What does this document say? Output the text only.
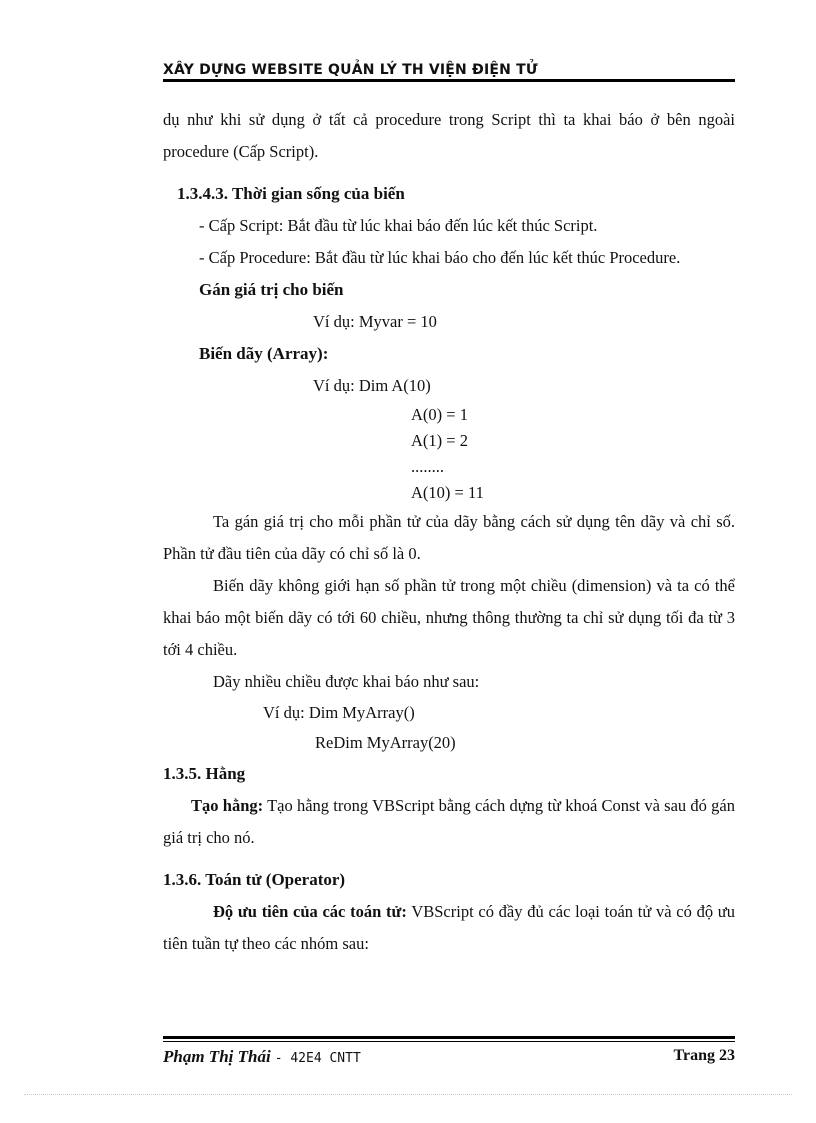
XÂY DỰNG WEBSITE QUẢN LÝ TH VIỆN ĐIỆN TỬ

dụ như khi sử dụng ở tất cả procedure trong Script thì ta khai báo ở bên ngoài procedure (Cấp Script).

1.3.4.3. Thời gian sống của biến

- Cấp Script: Bắt đầu từ lúc khai báo đến lúc kết thúc Script.

- Cấp Procedure: Bắt đầu từ lúc khai báo cho đến lúc kết thúc Procedure.

Gán giá trị cho biến

Ví dụ: Myvar = 10

Biến dãy (Array):

Ví dụ: Dim A(10)

A(0) = 1

A(1) = 2

........

A(10) = 11

Ta gán giá trị cho mỗi phần tử của dãy bằng cách sử dụng tên dãy và chỉ số. Phần tử đầu tiên của dãy có chỉ số là 0.

Biến dãy không giới hạn số phần tử trong một chiều (dimension) và ta có thể khai báo một biến dãy có tới 60 chiều, nhưng thông thường ta chỉ sử dụng tối đa từ 3 tới 4 chiều.

Dãy nhiều chiều được khai báo như sau:

Ví dụ: Dim MyArray()

ReDim MyArray(20)

1.3.5. Hằng

Tạo hằng: Tạo hằng trong VBScript bằng cách dựng từ khoá Const và sau đó gán giá trị cho nó.

1.3.6. Toán tử (Operator)

Độ ưu tiên của các toán tử: VBScript có đầy đủ các loại toán tử và có độ ưu tiên tuần tự theo các nhóm sau:

Phạm Thị Thái - 42E4 CNTT	Trang 23
